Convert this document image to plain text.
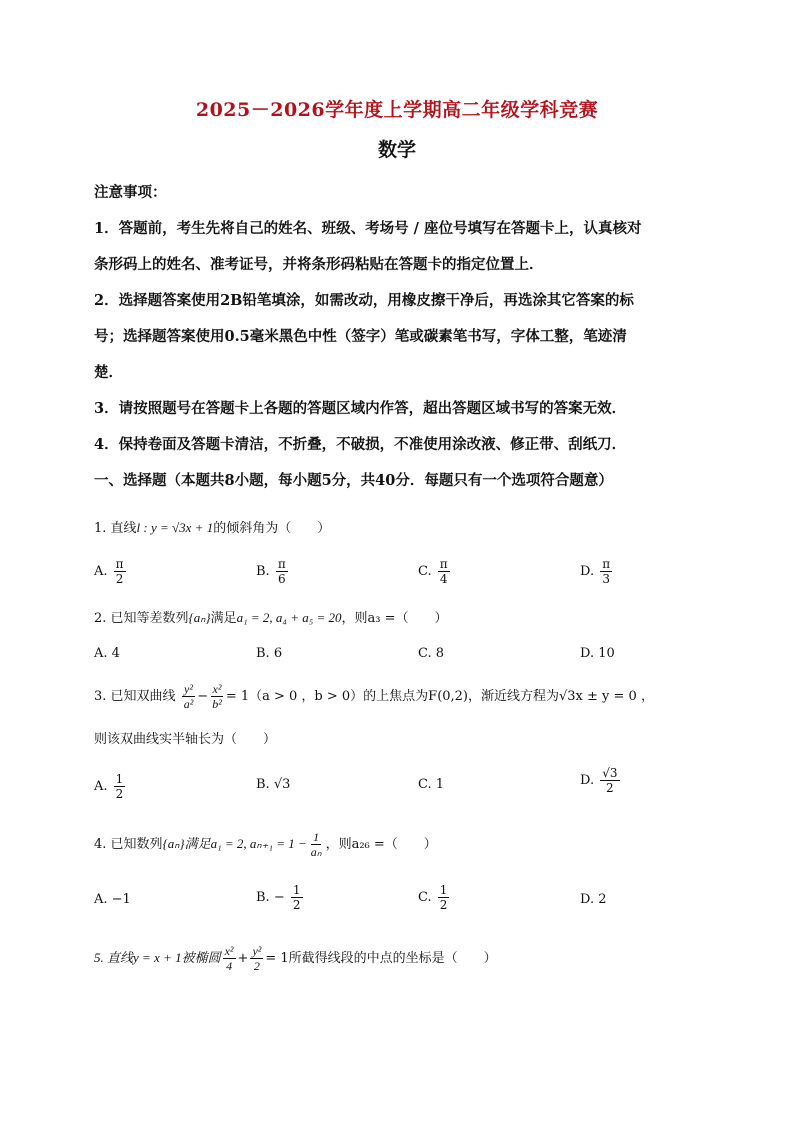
2025－2026学年度上学期高二年级学科竞赛
数学
注意事项：
1．答题前，考生先将自己的姓名、班级、考场号 / 座位号填写在答题卡上，认真核对
条形码上的姓名、准考证号，并将条形码粘贴在答题卡的指定位置上．
2．选择题答案使用2B铅笔填涂，如需改动，用橡皮擦干净后，再选涂其它答案的标
号；选择题答案使用0.5毫米黑色中性（签字）笔或碳素笔书写，字体工整，笔迹清
楚．
3．请按照题号在答题卡上各题的答题区域内作答，超出答题区域书写的答案无效．
4．保持卷面及答题卡清洁，不折叠，不破损，不准使用涂改液、修正带、刮纸刀．
一、选择题（本题共8小题，每小题5分，共40分．每题只有一个选项符合题意）
1. 直线l : y = √3x + 1的倾斜角为（　　）
A. $\frac{\pi}{2}$	B. $\frac{\pi}{6}$	C. $\frac{\pi}{4}$	D. $\frac{\pi}{3}$
2. 已知等差数列{aₙ}满足a₁ = 2, a₄ + a₅ = 20，则a₃ =（　　）
A. 4	B. 6	C. 8	D. 10
3. 已知双曲线 $\frac{\text{y²}}{\text{a²}} - \frac{\text{x²}}{\text{b²}} = 1(a > 0$ ，b > 0）的上焦点为F(0,2)，渐近线方程为√3x ± y = 0 ，
则该双曲线实半轴长为（　　）
A. $\frac{1}{2}$	B. √3	C. 1	D. $\frac{√3}{2}$
4. 已知数列{aₙ}满足a₁ = 2, $a_{n+1} = 1 - \frac{1}{\text{aₙ}}$ ，则a₂₆ =（　　）
A. −1	B. − $\frac{1}{2}$	C. $\frac{1}{2}$	D. 2
5. 直线y = x + 1被椭圆 $\frac{\text{x²}}{4} + \frac{\text{y²}}{2} = 1$所截得线段的中点的坐标是（　　）
